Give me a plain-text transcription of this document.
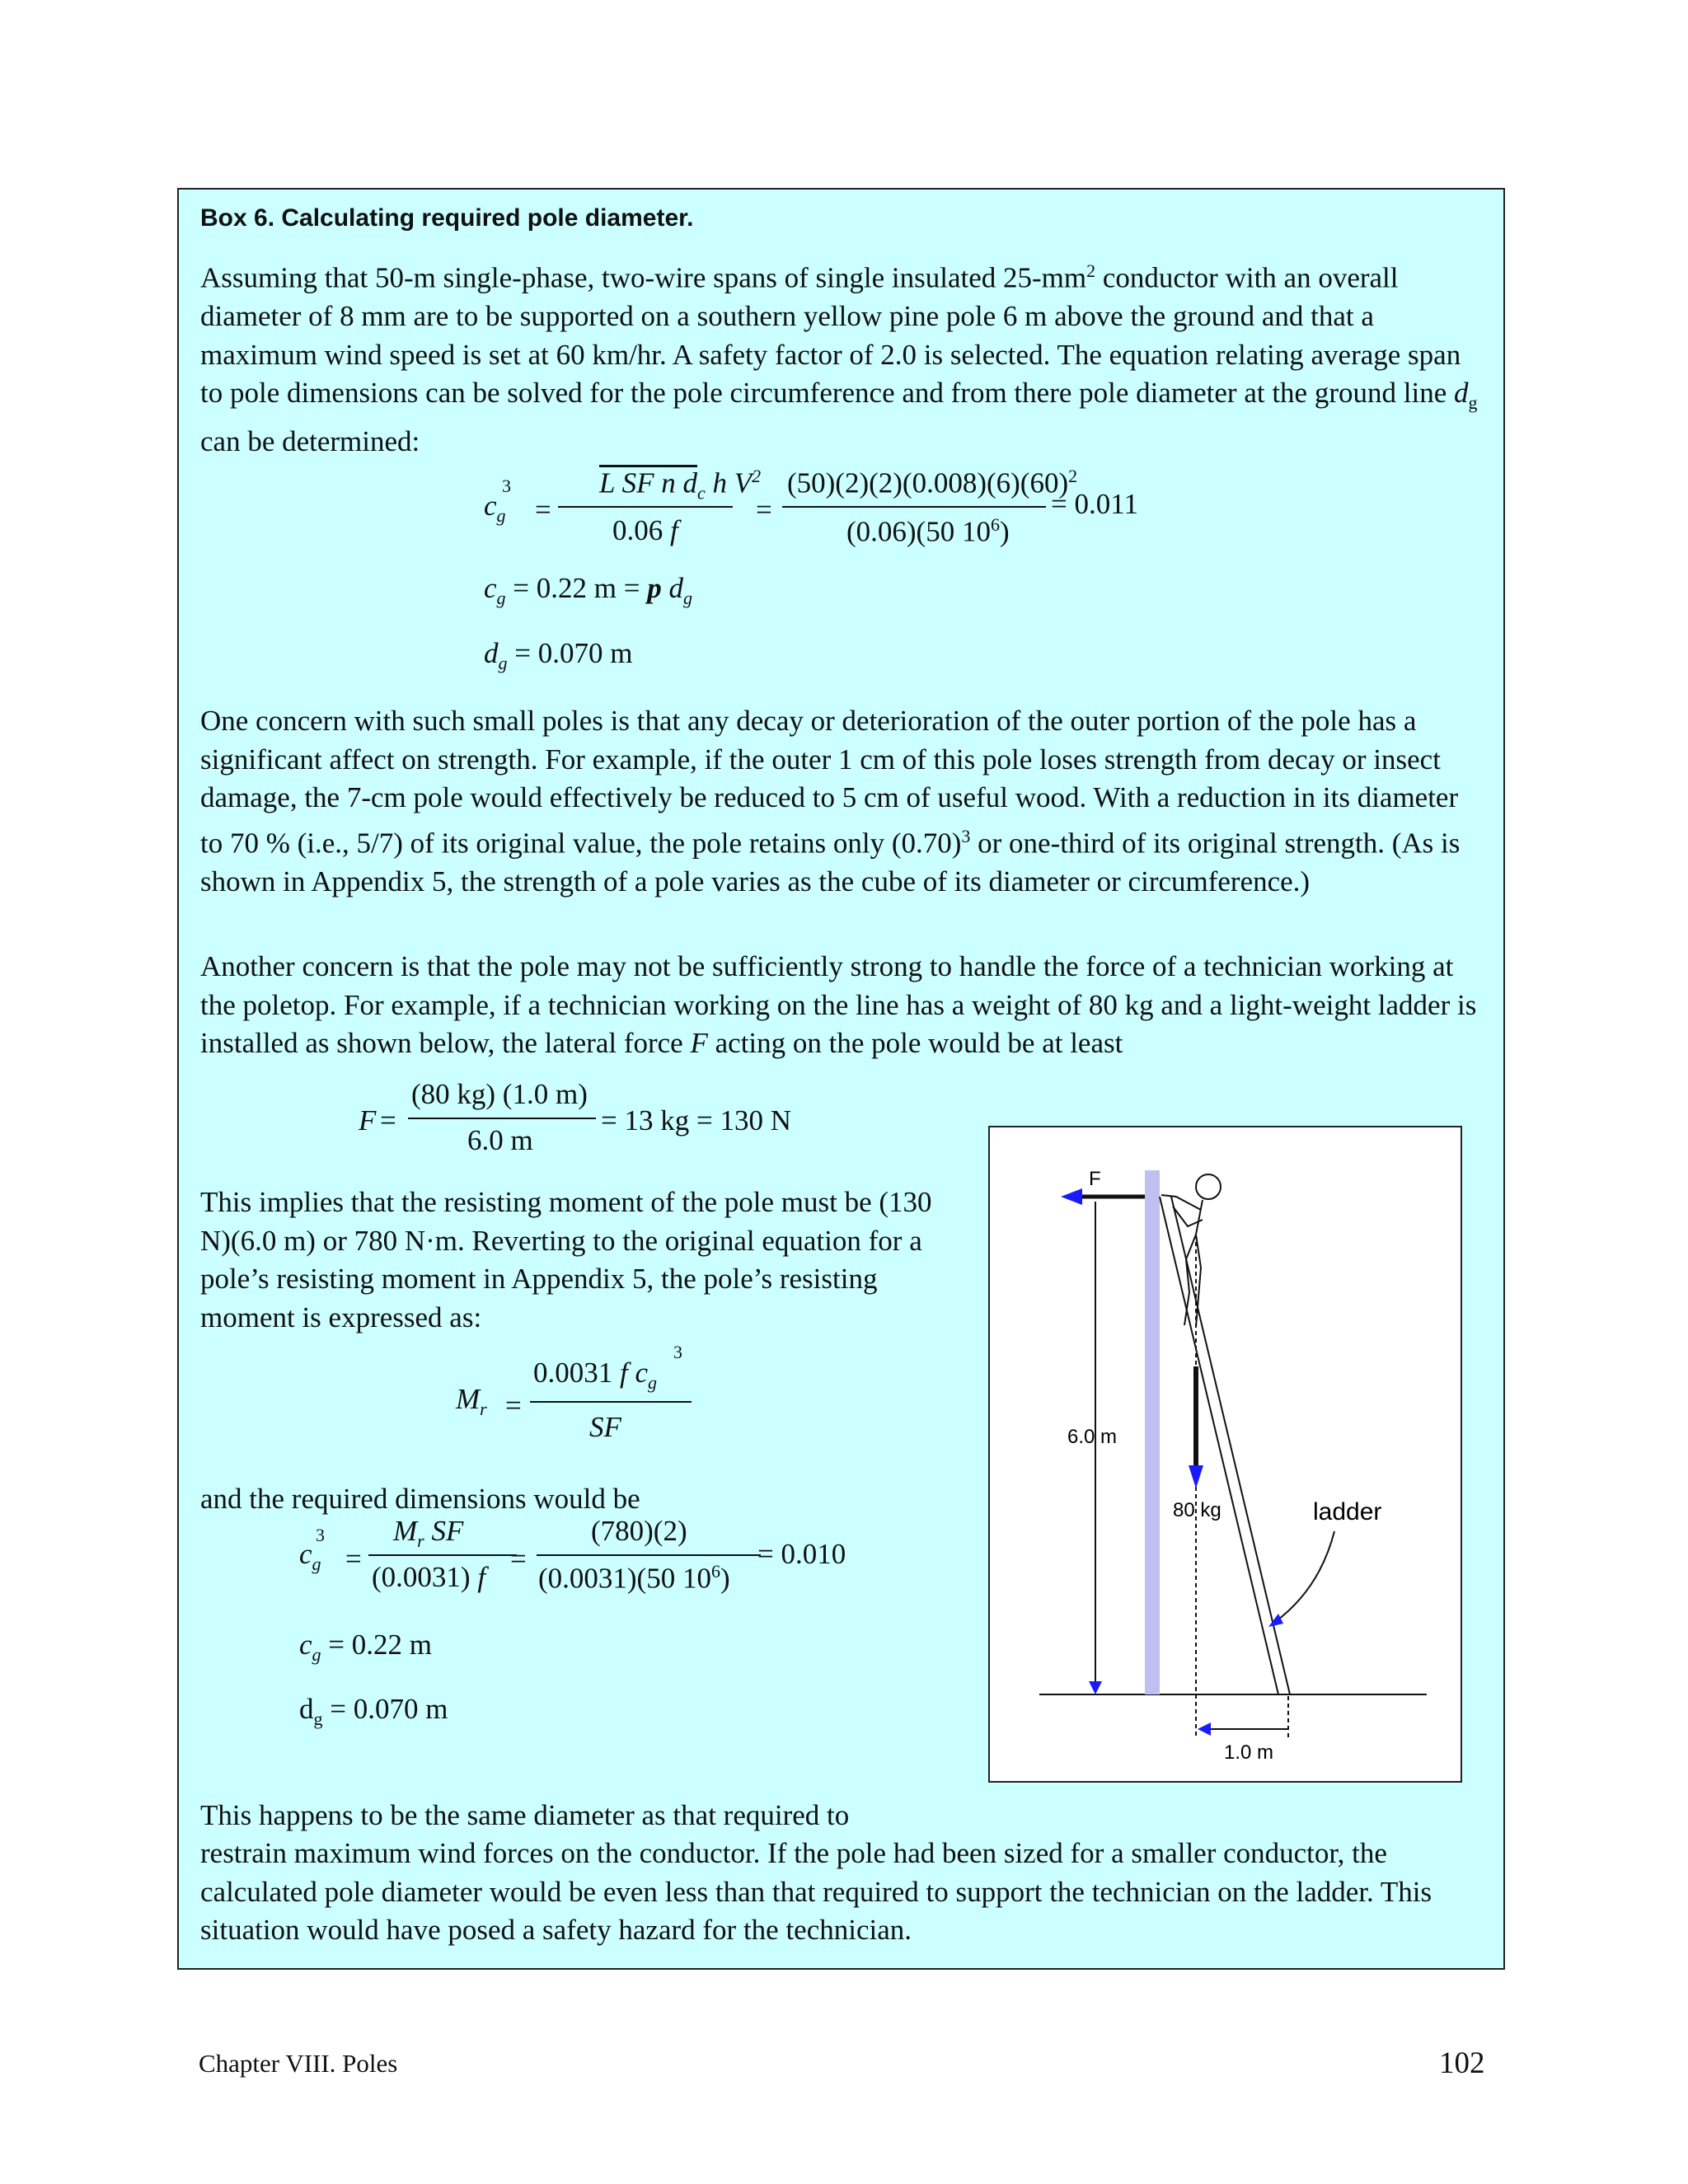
Box 6. Calculating required pole diameter.
Assuming that 50-m single-phase, two-wire spans of single insulated $25-mm^2$ conductor with an overall diameter of 8 mm are to be supported on a southern yellow pine pole 6 m above the ground and that a maximum wind speed is set at 60 km/hr. A safety factor of 2.0 is selected. The equation relating average span to pole dimensions can be solved for the pole circumference and from there pole diameter at the ground line $d_g$ can be determined:
$c_g$
3
=
L SF n $d_c$ h $V^2$
0.06 f
=
$(50)(2)(2)(0.008)(6)(60)^2$
(0.06)(50 $10^6$)
= 0.011
$c_g = 0.22$ m = p $d_g$
$d_g = 0.070$ m
One concern with such small poles is that any decay or deterioration of the outer portion of the pole has a significant affect on strength. For example, if the outer 1 cm of this pole loses strength from decay or insect damage, the 7-cm pole would effectively be reduced to 5 cm of useful wood. With a reduction in its diameter to 70 % (i.e., 5/7) of its original value, the pole retains only $(0.70)^3$ or one-third of its original strength. (As is shown in Appendix 5, the strength of a pole varies as the cube of its diameter or circumference.)
Another concern is that the pole may not be sufficiently strong to handle the force of a technician working at the poletop. For example, if a technician working on the line has a weight of 80 kg and a light-weight ladder is installed as shown below, the lateral force F acting on the pole would be at least
F =
(80 kg) (1.0 m)
6.0 m
= 13 kg = 130 N
This implies that the resisting moment of the pole must be (130 N)(6.0 m) or 780 N·m. Reverting to the original equation for a pole’s resisting moment in Appendix 5, the pole’s resisting moment is expressed as:
$M_r$ =
0.0031 f $c_g$
3
SF
and the required dimensions would be
$c_g$
3
=
$M_r$ SF
(0.0031) f
=
(780)(2)
(0.0031)(50 $10^6$)
= 0.010
$c_g = 0.22$ m
$d_g = 0.070$ m
This happens to be the same diameter as that required to
restrain maximum wind forces on the conductor. If the pole had been sized for a smaller conductor, the calculated pole diameter would be even less than that required to support the technician on the ladder. This situation would have posed a safety hazard for the technician.
6.0 m
F
80 kg	ladder
1.0 m
Chapter VIII. Poles	102
